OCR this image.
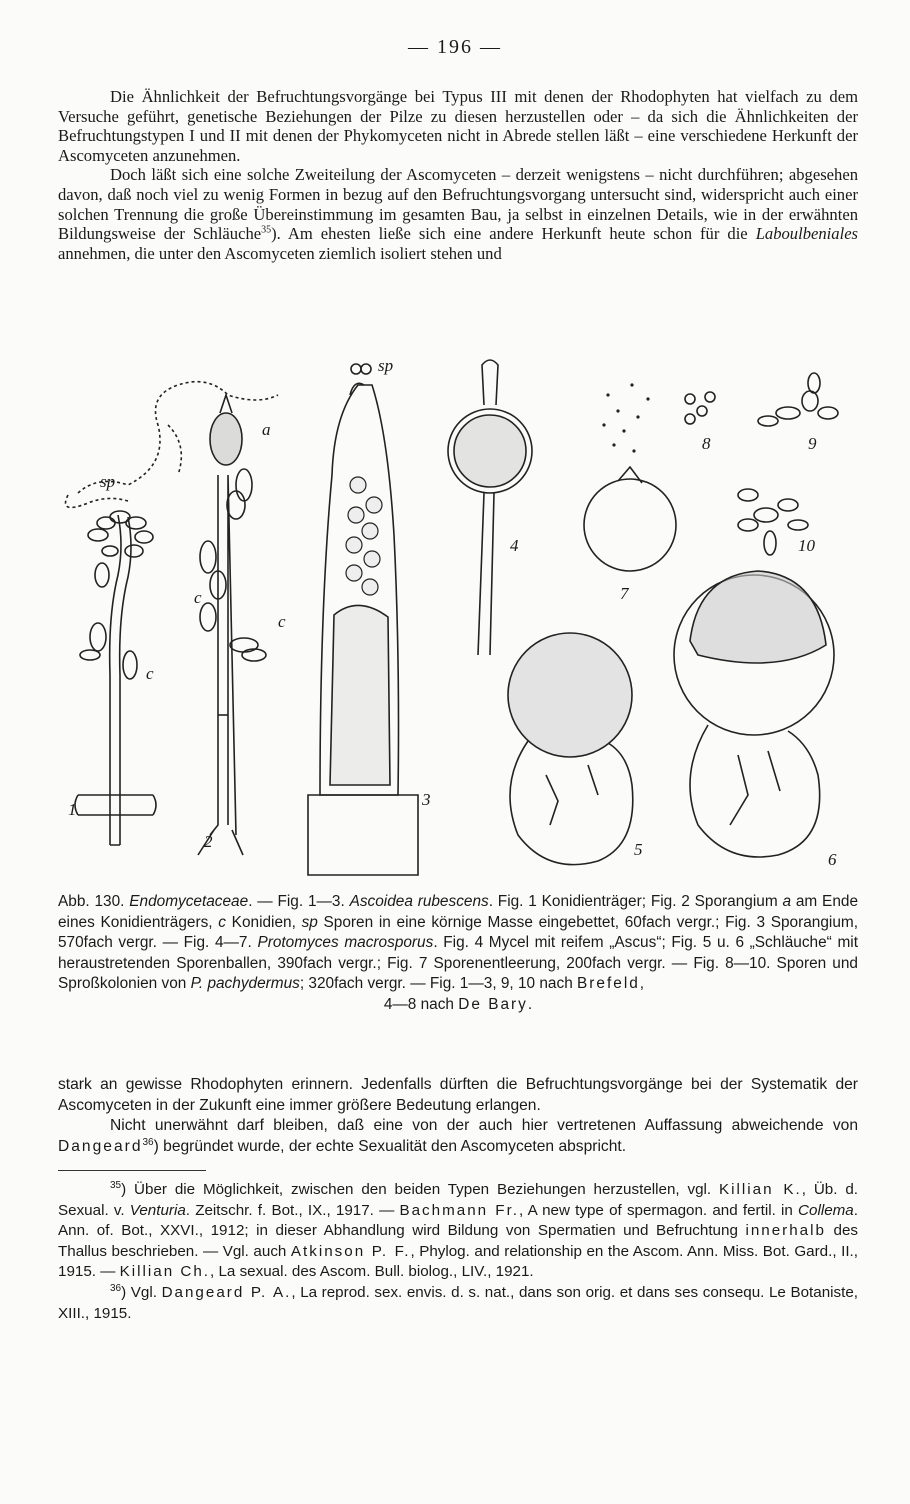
— 196 —

Die Ähnlichkeit der Befruchtungsvorgänge bei Typus III mit denen der Rhodophyten hat vielfach zu dem Versuche geführt, genetische Beziehungen der Pilze zu diesen herzustellen oder – da sich die Ähnlichkeiten der Befruchtungstypen I und II mit denen der Phykomyceten nicht in Abrede stellen läßt – eine verschiedene Herkunft der Ascomyceten anzunehmen.

Doch läßt sich eine solche Zweiteilung der Ascomyceten – derzeit wenigstens – nicht durchführen; abgesehen davon, daß noch viel zu wenig Formen in bezug auf den Befruchtungsvorgang untersucht sind, widerspricht auch einer solchen Trennung die große Übereinstimmung im gesamten Bau, ja selbst in einzelnen Details, wie in der erwähnten Bildungsweise der Schläuche$^{35}$). Am ehesten ließe sich eine andere Herkunft heute schon für die Laboulbeniales annehmen, die unter den Ascomyceten ziemlich isoliert stehen und

sp
a
c
c
c
1
2
sp
3
4
7
8	9
10
5
6
Abb. 130. Endomycetaceae. — Fig. 1—3. Ascoidea rubescens. Fig. 1 Konidienträger; Fig. 2 Sporangium a am Ende eines Konidienträgers, c Konidien, sp Sporen in eine körnige Masse eingebettet, 60fach vergr.; Fig. 3 Sporangium, 570fach vergr. — Fig. 4—7. Protomyces macrosporus. Fig. 4 Mycel mit reifem „Ascus“; Fig. 5 u. 6 „Schläuche“ mit heraustretenden Sporenballen, 390fach vergr.; Fig. 7 Sporenentleerung, 200fach vergr. — Fig. 8—10. Sporen und Sproßkolonien von P. pachydermus; 320fach vergr. — Fig. 1—3, 9, 10 nach Brefeld,
4—8 nach De Bary.

stark an gewisse Rhodophyten erinnern. Jedenfalls dürften die Befruchtungsvorgänge bei der Systematik der Ascomyceten in der Zukunft eine immer größere Bedeutung erlangen.

Nicht unerwähnt darf bleiben, daß eine von der auch hier vertretenen Auffassung abweichende von Dangeard$^{36}$) begründet wurde, der echte Sexualität den Ascomyceten abspricht.

$^{35}$) Über die Möglichkeit, zwischen den beiden Typen Beziehungen herzustellen, vgl. Killian K., Üb. d. Sexual. v. Venturia. Zeitschr. f. Bot., IX., 1917. — Bachmann Fr., A new type of spermagon. and fertil. in Collema. Ann. of. Bot., XXVI., 1912; in dieser Abhandlung wird Bildung von Spermatien und Befruchtung innerhalb des Thallus beschrieben. — Vgl. auch Atkinson P. F., Phylog. and relationship en the Ascom. Ann. Miss. Bot. Gard., II., 1915. — Killian Ch., La sexual. des Ascom. Bull. biolog., LIV., 1921.

$^{36}$) Vgl. Dangeard P. A., La reprod. sex. envis. d. s. nat., dans son orig. et dans ses consequ. Le Botaniste, XIII., 1915.
